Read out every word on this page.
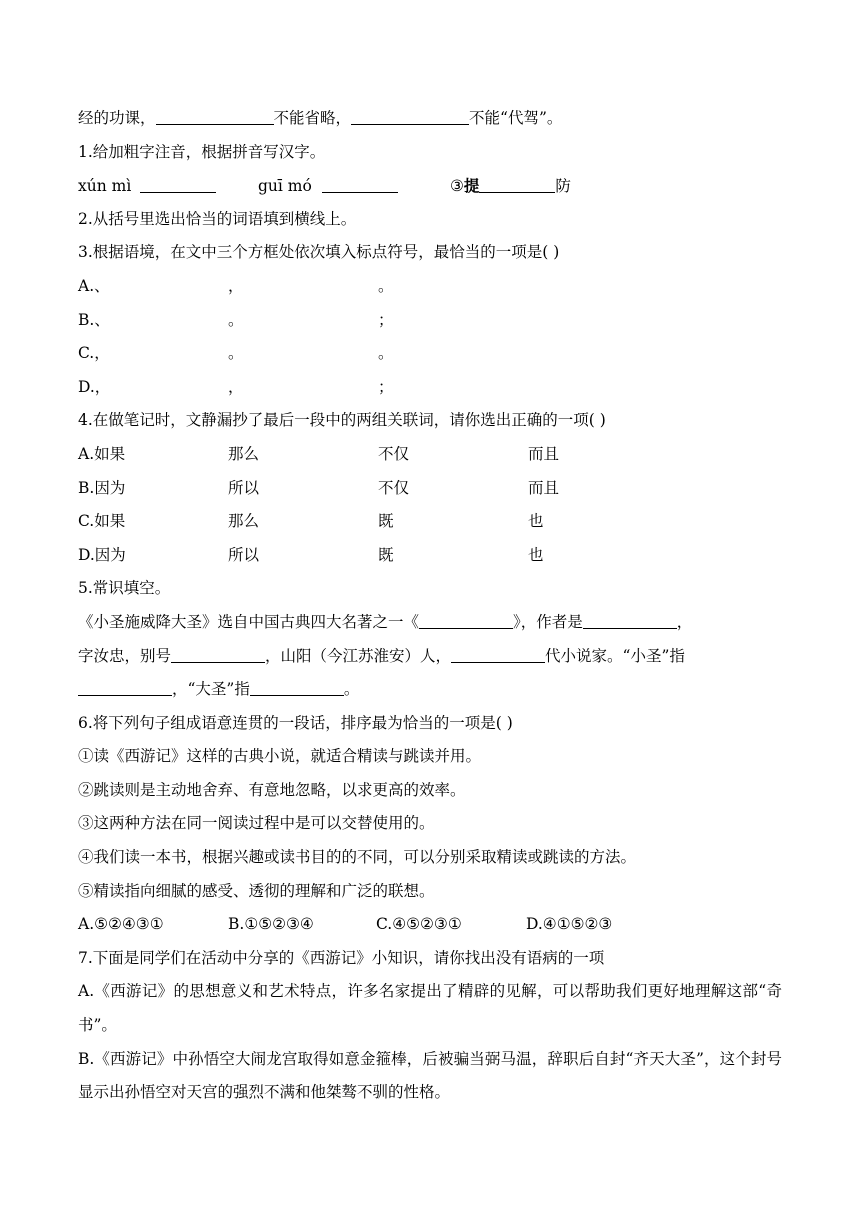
经的功课，	不能省略，	不能“代驾”。
1.给加粗字注音，根据拼音写汉字。
xún mì	guī mó	③提	防
2.从括号里选出恰当的词语填到横线上。
3.根据语境，在文中三个方框处依次填入标点符号，最恰当的一项是( )
A.、	，	。
B.、	。	；
C.，	。	。
D.，	，	；
4.在做笔记时，文静漏抄了最后一段中的两组关联词，请你选出正确的一项( )
A.如果	那么	不仅	而且
B.因为	所以	不仅	而且
C.如果	那么	既	也
D.因为	所以	既	也
5.常识填空。
《小圣施威降大圣》选自中国古典四大名著之一《	》，作者是	，
字汝忠，别号	，山阳（今江苏淮安）人，	代小说家。“小圣”指
，“大圣”指	。
6.将下列句子组成语意连贯的一段话，排序最为恰当的一项是( )
①读《西游记》这样的古典小说，就适合精读与跳读并用。
②跳读则是主动地舍弃、有意地忽略，以求更高的效率。
③这两种方法在同一阅读过程中是可以交替使用的。
④我们读一本书，根据兴趣或读书目的的不同，可以分别采取精读或跳读的方法。
⑤精读指向细腻的感受、透彻的理解和广泛的联想。
A.⑤②④③①	B.①⑤②③④	C.④⑤②③①	D.④①⑤②③
7.下面是同学们在活动中分享的《西游记》小知识，请你找出没有语病的一项
A.《西游记》的思想意义和艺术特点，许多名家提出了精辟的见解，可以帮助我们更好地理解这部“奇书”。
B.《西游记》中孙悟空大闹龙宫取得如意金箍棒，后被骗当弼马温，辞职后自封“齐天大圣”，这个封号显示出孙悟空对天宫的强烈不满和他桀骜不驯的性格。
